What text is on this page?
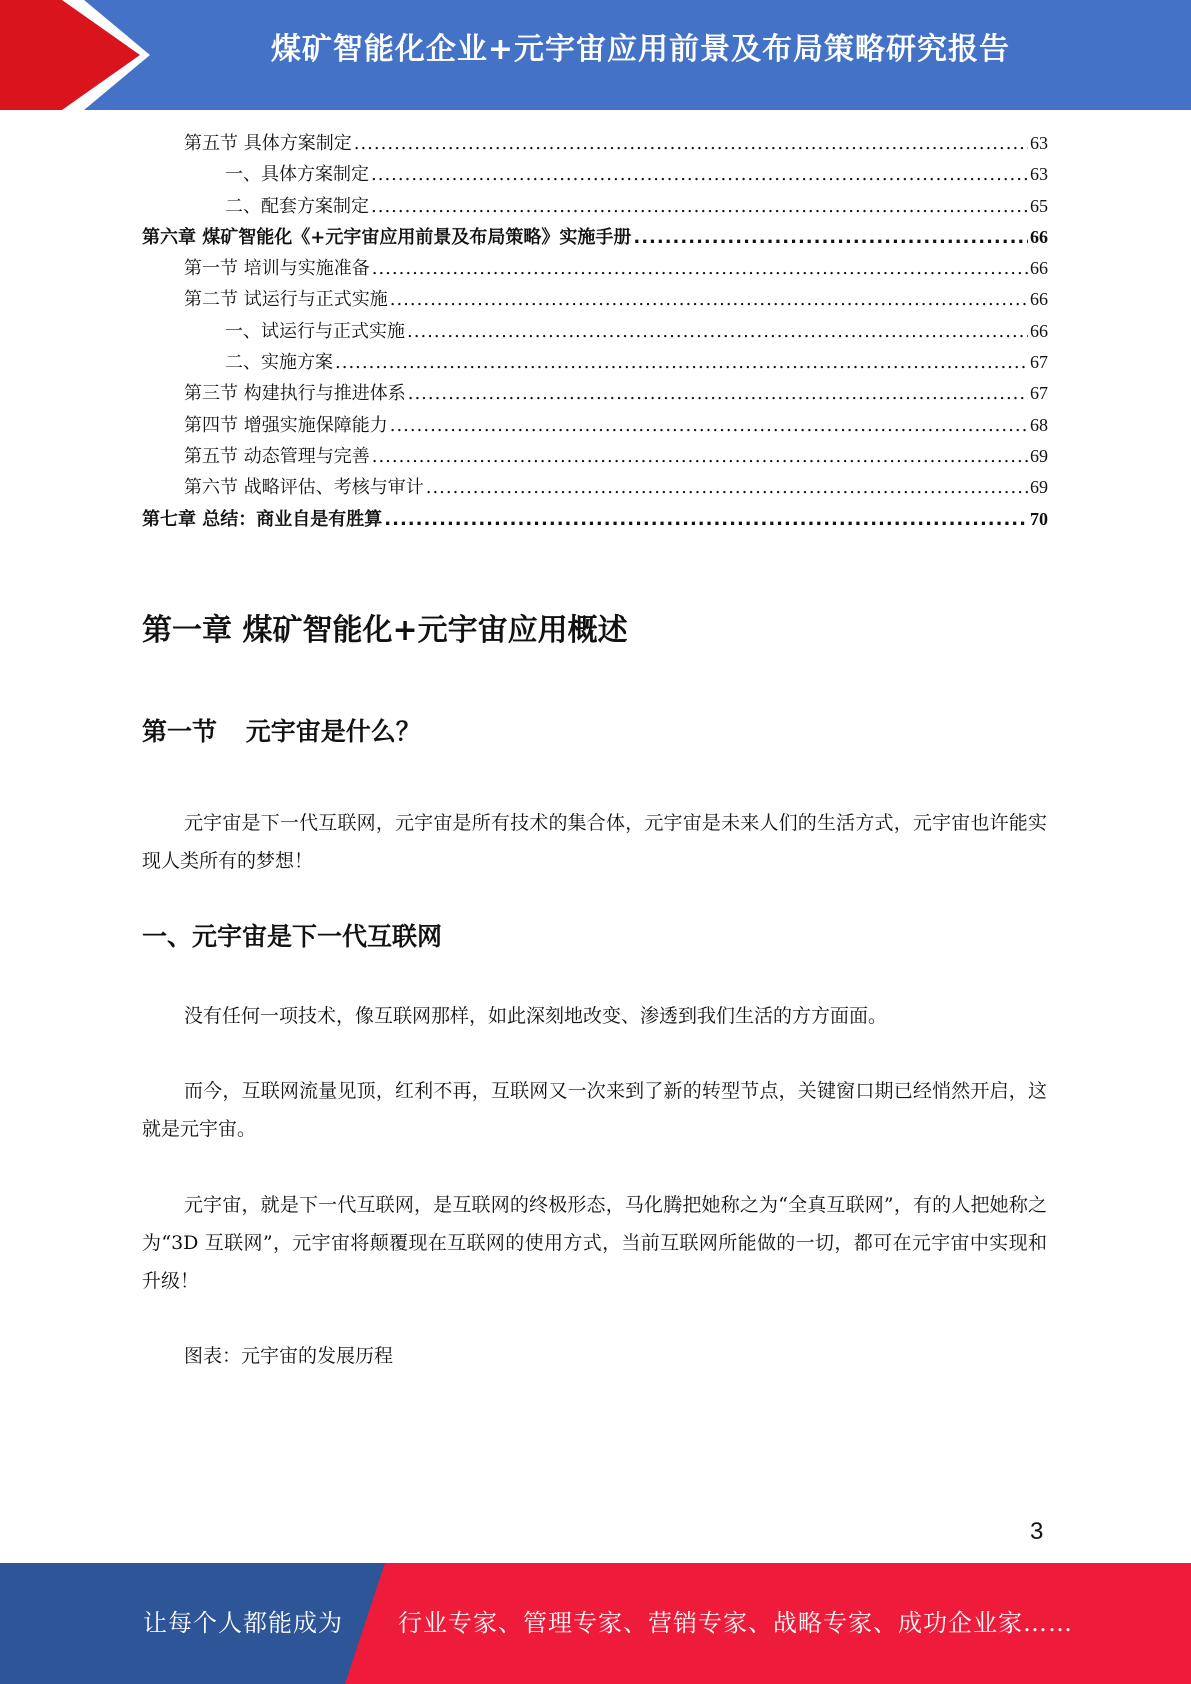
煤矿智能化企业+元宇宙应用前景及布局策略研究报告
第五节 具体方案制定 .....	63
一、具体方案制定 .....	63
二、配套方案制定 .....	65
第六章 煤矿智能化《+元宇宙应用前景及布局策略》实施手册 .....	66
第一节 培训与实施准备 .....	66
第二节 试运行与正式实施 .....	66
一、试运行与正式实施 .....	66
二、实施方案 .....	67
第三节 构建执行与推进体系 .....	67
第四节 增强实施保障能力 .....	68
第五节 动态管理与完善 .....	69
第六节 战略评估、考核与审计 .....	69
第七章 总结：商业自是有胜算 .....	70
第一章 煤矿智能化+元宇宙应用概述
第一节 元宇宙是什么？
元宇宙是下一代互联网，元宇宙是所有技术的集合体，元宇宙是未来人们的生活方式，元宇宙也许能实现人类所有的梦想！
一、元宇宙是下一代互联网
没有任何一项技术，像互联网那样，如此深刻地改变、渗透到我们生活的方方面面。
而今，互联网流量见顶，红利不再，互联网又一次来到了新的转型节点，关键窗口期已经悄然开启，这就是元宇宙。
元宇宙，就是下一代互联网，是互联网的终极形态，马化腾把她称之为“全真互联网”，有的人把她称之为“3D 互联网”，元宇宙将颠覆现在互联网的使用方式，当前互联网所能做的一切，都可在元宇宙中实现和升级！
图表：元宇宙的发展历程
3
让每个人都能成为 行业专家、管理专家、营销专家、战略专家、成功企业家……
